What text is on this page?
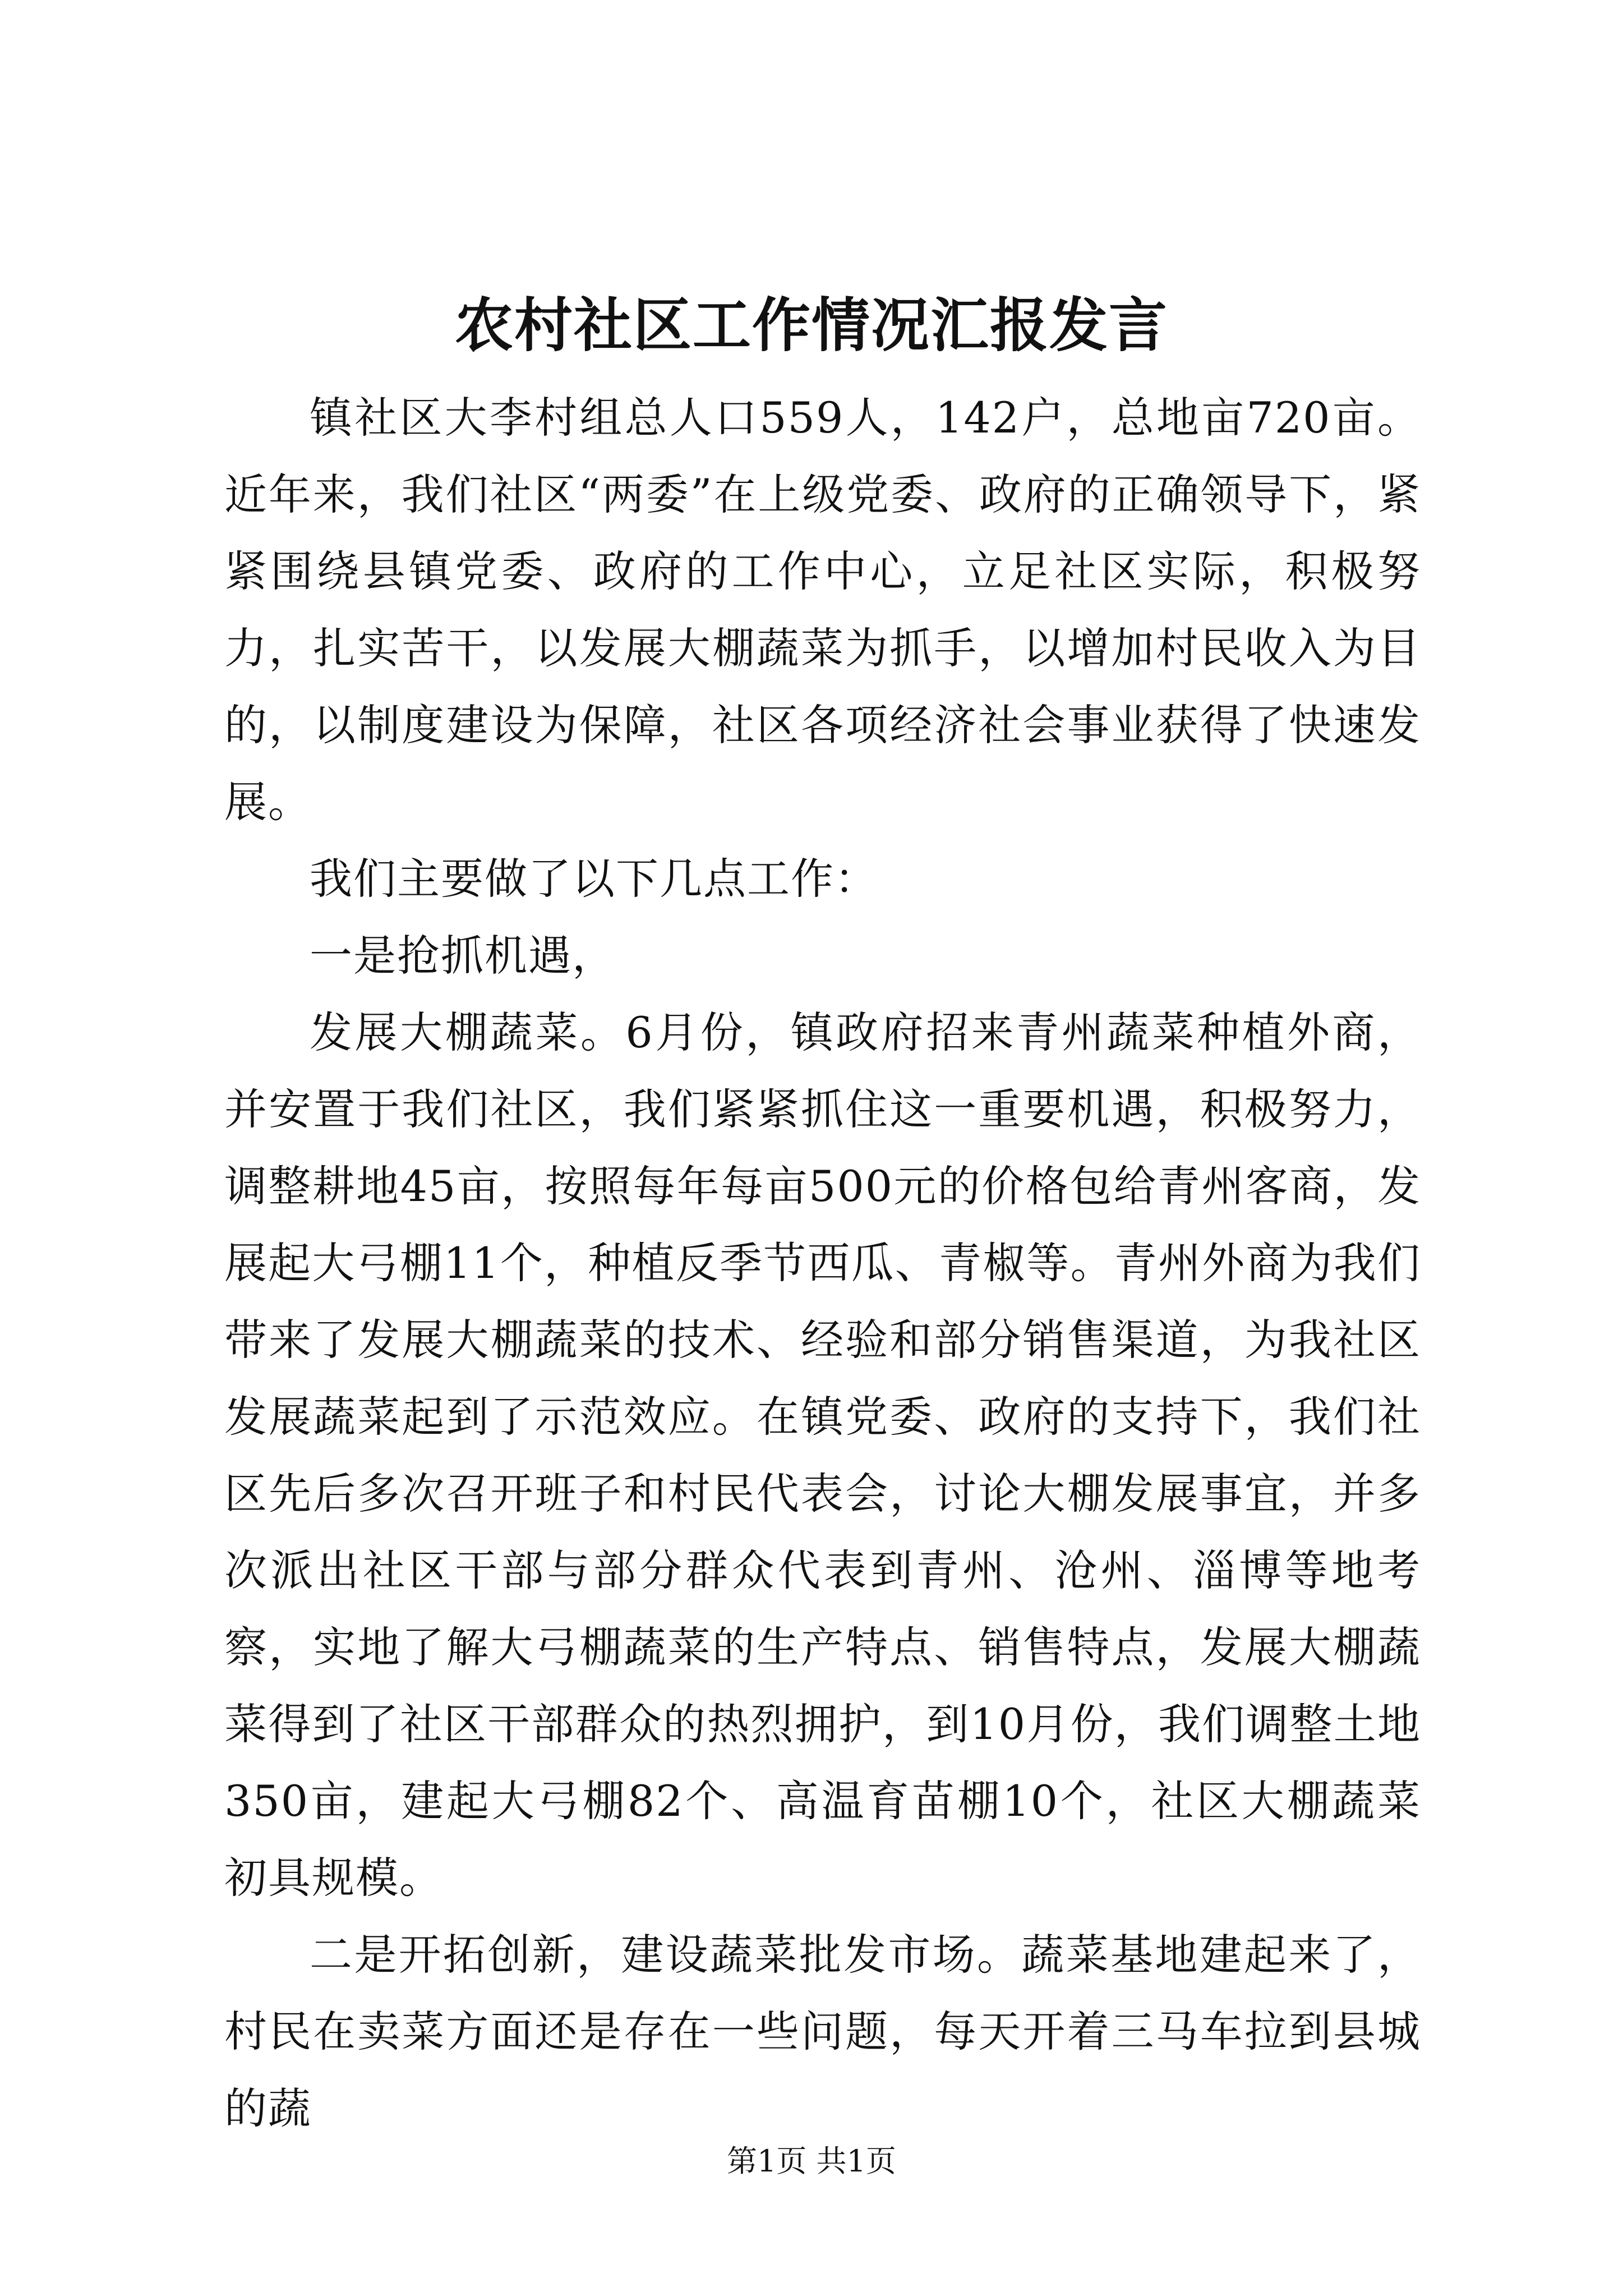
农村社区工作情况汇报发言

镇社区大李村组总人口559人，142户，总地亩720亩。近年来，我们社区“两委”在上级党委、政府的正确领导下，紧紧围绕县镇党委、政府的工作中心，立足社区实际，积极努力，扎实苦干，以发展大棚蔬菜为抓手，以增加村民收入为目的，以制度建设为保障，社区各项经济社会事业获得了快速发展。

我们主要做了以下几点工作：

一是抢抓机遇，

发展大棚蔬菜。6月份，镇政府招来青州蔬菜种植外商，并安置于我们社区，我们紧紧抓住这一重要机遇，积极努力，调整耕地45亩，按照每年每亩500元的价格包给青州客商，发展起大弓棚11个，种植反季节西瓜、青椒等。青州外商为我们带来了发展大棚蔬菜的技术、经验和部分销售渠道，为我社区发展蔬菜起到了示范效应。在镇党委、政府的支持下，我们社区先后多次召开班子和村民代表会，讨论大棚发展事宜，并多次派出社区干部与部分群众代表到青州、沧州、淄博等地考察，实地了解大弓棚蔬菜的生产特点、销售特点，发展大棚蔬菜得到了社区干部群众的热烈拥护，到10月份，我们调整土地350亩，建起大弓棚82个、高温育苗棚10个，社区大棚蔬菜初具规模。

二是开拓创新，建设蔬菜批发市场。蔬菜基地建起来了，村民在卖菜方面还是存在一些问题，每天开着三马车拉到县城的蔬

第1页 共1页
